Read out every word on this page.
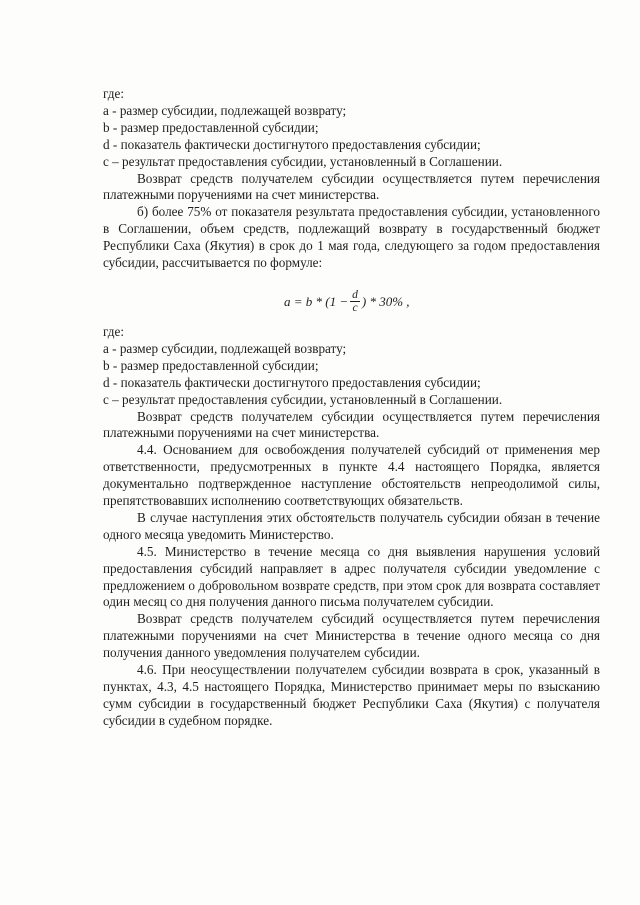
где:
а - размер субсидии, подлежащей возврату;
b - размер предоставленной субсидии;
d - показатель фактически достигнутого предоставления субсидии;
с – результат предоставления субсидии, установленный в Соглашении.
Возврат средств получателем субсидии осуществляется путем перечисления платежными поручениями на счет министерства.
б) более 75% от показателя результата предоставления субсидии, установленного в Соглашении, объем средств, подлежащий возврату в государственный бюджет Республики Саха (Якутия) в срок до 1 мая года, следующего за годом предоставления субсидии, рассчитывается по формуле:
где:
а - размер субсидии, подлежащей возврату;
b - размер предоставленной субсидии;
d - показатель фактически достигнутого предоставления субсидии;
с – результат предоставления субсидии, установленный в Соглашении.
Возврат средств получателем субсидии осуществляется путем перечисления платежными поручениями на счет министерства.
4.4. Основанием для освобождения получателей субсидий от применения мер ответственности, предусмотренных в пункте 4.4 настоящего Порядка, является документально подтвержденное наступление обстоятельств непреодолимой силы, препятствовавших исполнению соответствующих обязательств.
В случае наступления этих обстоятельств получатель субсидии обязан в течение одного месяца уведомить Министерство.
4.5. Министерство в течение месяца со дня выявления нарушения условий предоставления субсидий направляет в адрес получателя субсидии уведомление с предложением о добровольном возврате средств, при этом срок для возврата составляет один месяц со дня получения данного письма получателем субсидии.
Возврат средств получателем субсидий осуществляется путем перечисления платежными поручениями на счет Министерства в течение одного месяца со дня получения данного уведомления получателем субсидии.
4.6. При неосуществлении получателем субсидии возврата в срок, указанный в пунктах, 4.3, 4.5 настоящего Порядка, Министерство принимает меры по взысканию сумм субсидии в государственный бюджет Республики Саха (Якутия) с получателя субсидии в судебном порядке.
$a = b * (1 - \frac{d}{c}$ ) * 30% ,
